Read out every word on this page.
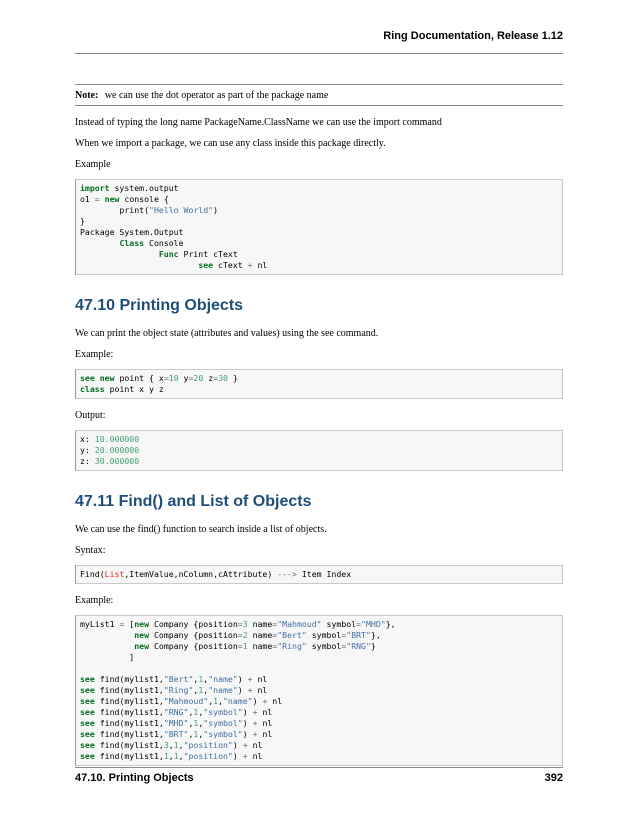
Ring Documentation, Release 1.12
Note: we can use the dot operator as part of the package name

Instead of typing the long name PackageName.ClassName we can use the import command

When we import a package, we can use any class inside this package directly.

Example

import system.output
o1 = new console {
print("Hello World")
}
Package System.Output
Class Console
Func Print cText
see cText + nl
47.10 Printing Objects

We can print the object state (attributes and values) using the see command.

Example:

see new point { x=10 y=20 z=30 }
class point x y z

Output:

x: 10.000000
y: 20.000000
z: 30.000000
47.11 Find() and List of Objects

We can use the find() function to search inside a list of objects.

Syntax:

Find(List,ItemValue,nColumn,cAttribute) ---> Item Index

Example:

myList1 = [new Company {position=3 name="Mahmoud" symbol="MHD"},
new Company {position=2 name="Bert" symbol="BRT"},
new Company {position=1 name="Ring" symbol="RNG"}
]

see find(mylist1,"Bert",1,"name") + nl
see find(mylist1,"Ring",1,"name") + nl
see find(mylist1,"Mahmoud",1,"name") + nl
see find(mylist1,"RNG",1,"symbol") + nl
see find(mylist1,"MHD",1,"symbol") + nl
see find(mylist1,"BRT",1,"symbol") + nl
see find(mylist1,3,1,"position") + nl
see find(mylist1,1,1,"position") + nl
47.10. Printing Objects	392
